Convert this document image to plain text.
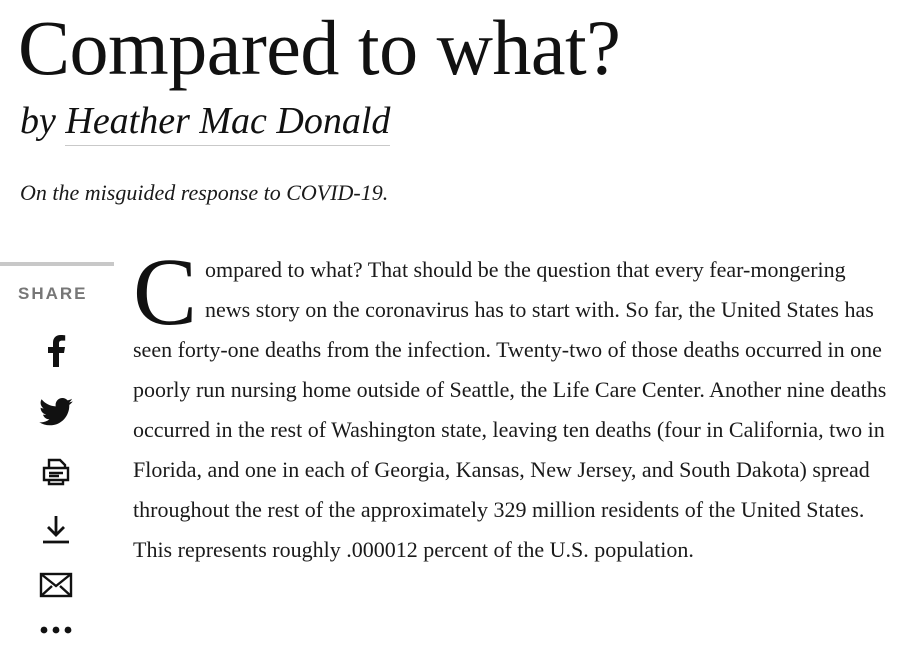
Compared to what?
by Heather Mac Donald
On the misguided response to COVID-19.
SHARE Compared to what? That should be the question that every fear-mongering news story on the coronavirus has to start with. So far, the United States has seen forty-one deaths from the infection. Twenty-two of those deaths occurred in one poorly run nursing home outside of Seattle, the Life Care Center. Another nine deaths occurred in the rest of Washington state, leaving ten deaths (four in California, two in Florida, and one in each of Georgia, Kansas, New Jersey, and South Dakota) spread throughout the rest of the approximately 329 million residents of the United States. This represents roughly .000012 percent of the U.S. population.
